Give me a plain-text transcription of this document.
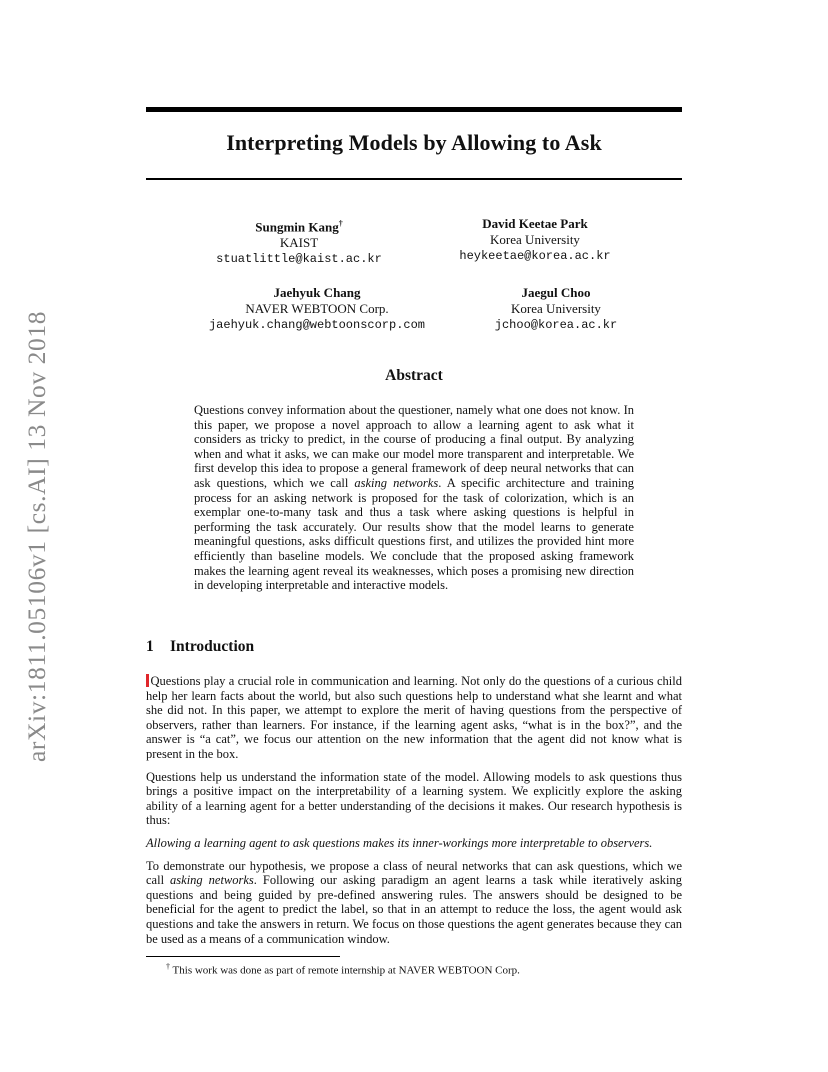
arXiv:1811.05106v1 [cs.AI] 13 Nov 2018
Interpreting Models by Allowing to Ask
Sungmin Kang†
KAIST
stuatlittle@kaist.ac.kr
David Keetae Park
Korea University
heykeetae@korea.ac.kr
Jaehyuk Chang
NAVER WEBTOON Corp.
jaehyuk.chang@webtoonscorp.com
Jaegul Choo
Korea University
jchoo@korea.ac.kr
Abstract
Questions convey information about the questioner, namely what one does not know. In this paper, we propose a novel approach to allow a learning agent to ask what it considers as tricky to predict, in the course of producing a final output. By analyzing when and what it asks, we can make our model more transparent and interpretable. We first develop this idea to propose a general framework of deep neural networks that can ask questions, which we call asking networks. A specific architecture and training process for an asking network is proposed for the task of colorization, which is an exemplar one-to-many task and thus a task where asking questions is helpful in performing the task accurately. Our results show that the model learns to generate meaningful questions, asks difficult questions first, and utilizes the provided hint more efficiently than baseline models. We conclude that the proposed asking framework makes the learning agent reveal its weaknesses, which poses a promising new direction in developing interpretable and interactive models.
1 Introduction

Questions play a crucial role in communication and learning. Not only do the questions of a curious child help her learn facts about the world, but also such questions help to understand what she learnt and what she did not. In this paper, we attempt to explore the merit of having questions from the perspective of observers, rather than learners. For instance, if the learning agent asks, “what is in the box?”, and the answer is “a cat”, we focus our attention on the new information that the agent did not know what is present in the box.

Questions help us understand the information state of the model. Allowing models to ask questions thus brings a positive impact on the interpretability of a learning system. We explicitly explore the asking ability of a learning agent for a better understanding of the decisions it makes. Our research hypothesis is thus:

Allowing a learning agent to ask questions makes its inner-workings more interpretable to observers.

To demonstrate our hypothesis, we propose a class of neural networks that can ask questions, which we call asking networks. Following our asking paradigm an agent learns a task while iteratively asking questions and being guided by pre-defined answering rules. The answers should be designed to be beneficial for the agent to predict the label, so that in an attempt to reduce the loss, the agent would ask questions and take the answers in return. We focus on those questions the agent generates because they can be used as a means of a communication window.

† This work was done as part of remote internship at NAVER WEBTOON Corp.
